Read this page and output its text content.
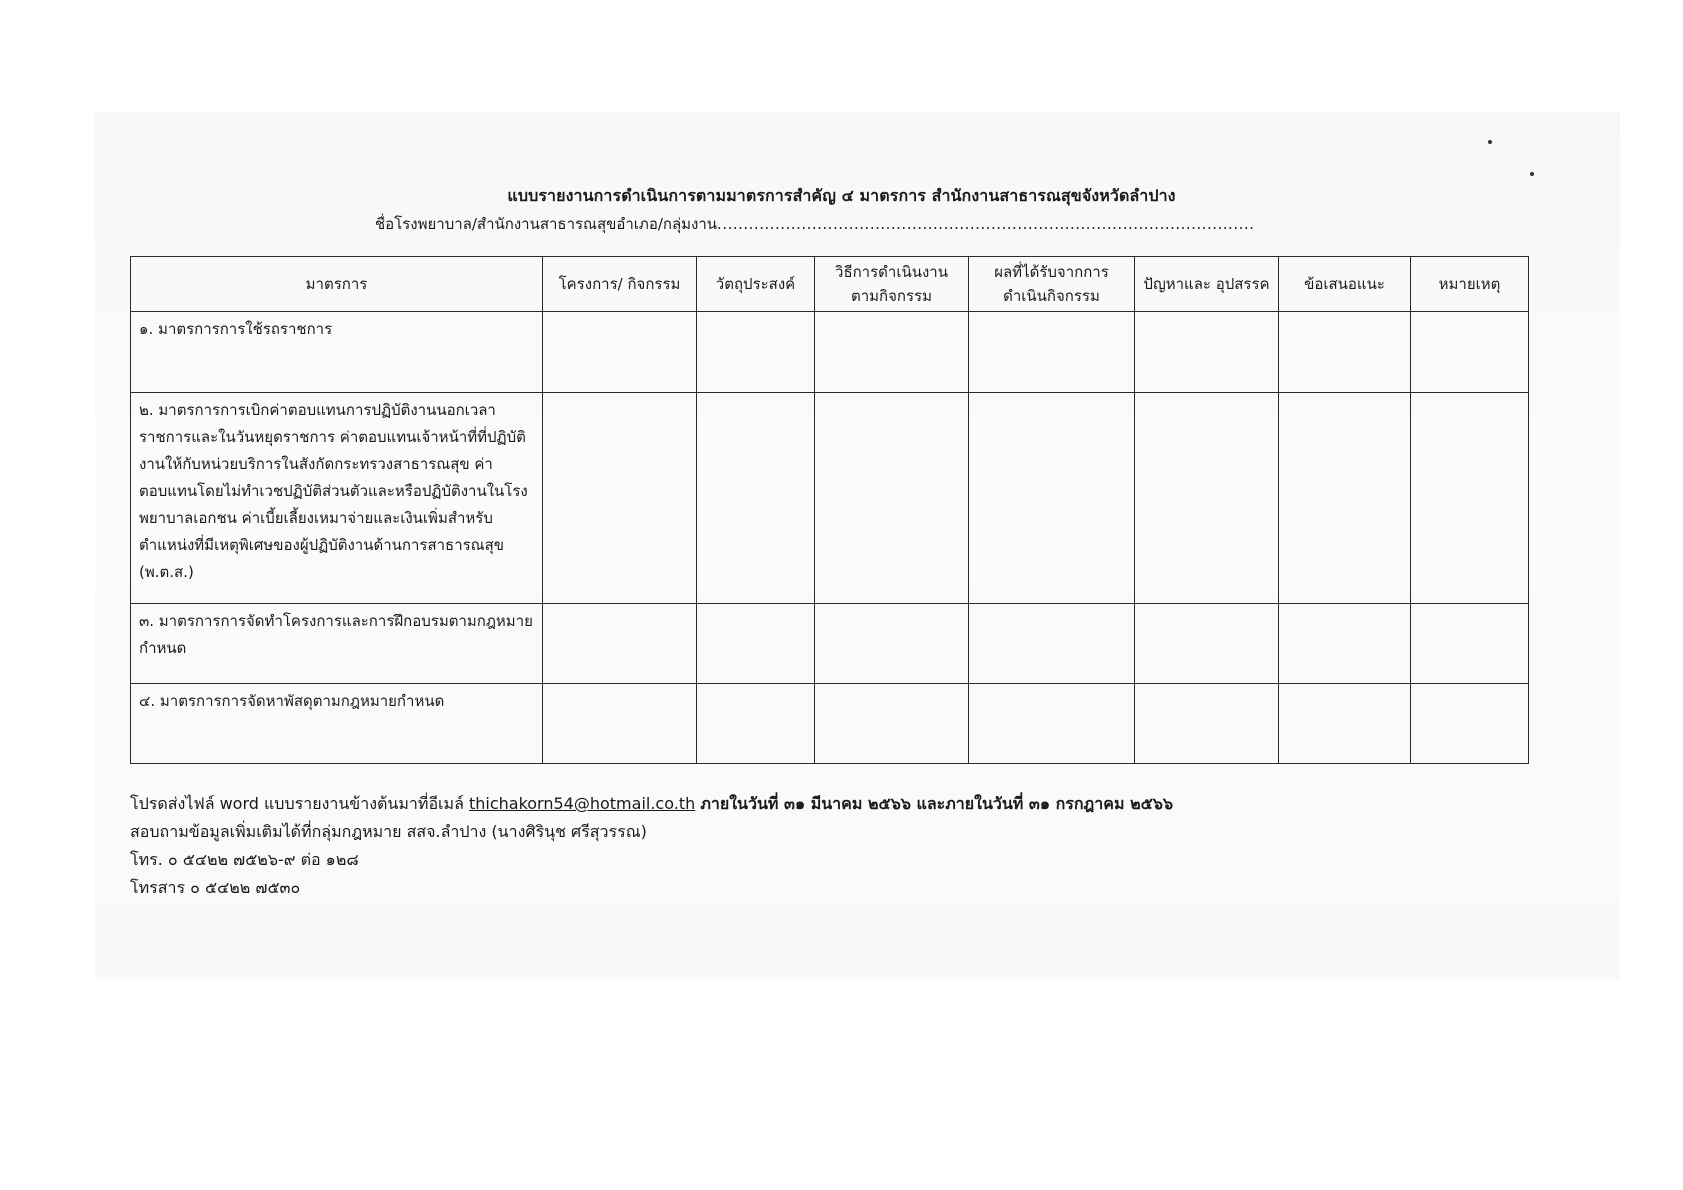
แบบรายงานการดำเนินการตามมาตรการสำคัญ ๔ มาตรการ สำนักงานสาธารณสุขจังหวัดลำปาง
ชื่อโรงพยาบาล/สำนักงานสาธารณสุขอำเภอ/กลุ่มงาน......................................................................................................
มาตรการ	โครงการ/ กิจกรรม	วัตถุประสงค์	วิธีการดำเนินงาน ตามกิจกรรม	ผลที่ได้รับจากการ ดำเนินกิจกรรม	ปัญหาและ อุปสรรค	ข้อเสนอแนะ	หมายเหตุ
๑. มาตรการการใช้รถราชการ							
๒. มาตรการการเบิกค่าตอบแทนการปฏิบัติงานนอกเวลาราชการและในวันหยุดราชการ ค่าตอบแทนเจ้าหน้าที่ที่ปฏิบัติงานให้กับหน่วยบริการในสังกัดกระทรวงสาธารณสุข ค่าตอบแทนโดยไม่ทำเวชปฏิบัติส่วนตัวและหรือปฏิบัติงานในโรงพยาบาลเอกชน ค่าเบี้ยเลี้ยงเหมาจ่ายและเงินเพิ่มสำหรับตำแหน่งที่มีเหตุพิเศษของผู้ปฏิบัติงานด้านการสาธารณสุข (พ.ต.ส.)							
๓. มาตรการการจัดทำโครงการและการฝึกอบรมตามกฎหมายกำหนด							
๔. มาตรการการจัดหาพัสดุตามกฎหมายกำหนด							
โปรดส่งไฟล์ word แบบรายงานข้างต้นมาที่อีเมล์ thichakorn54@hotmail.co.th ภายในวันที่ ๓๑ มีนาคม ๒๕๖๖ และภายในวันที่ ๓๑ กรกฎาคม ๒๕๖๖
สอบถามข้อมูลเพิ่มเติมได้ที่กลุ่มกฎหมาย สสจ.ลำปาง (นางศิรินุช ศรีสุวรรณ)
โทร. ๐ ๕๔๒๒ ๗๕๒๖-๙ ต่อ ๑๒๘
โทรสาร ๐ ๕๔๒๒ ๗๕๓๐
